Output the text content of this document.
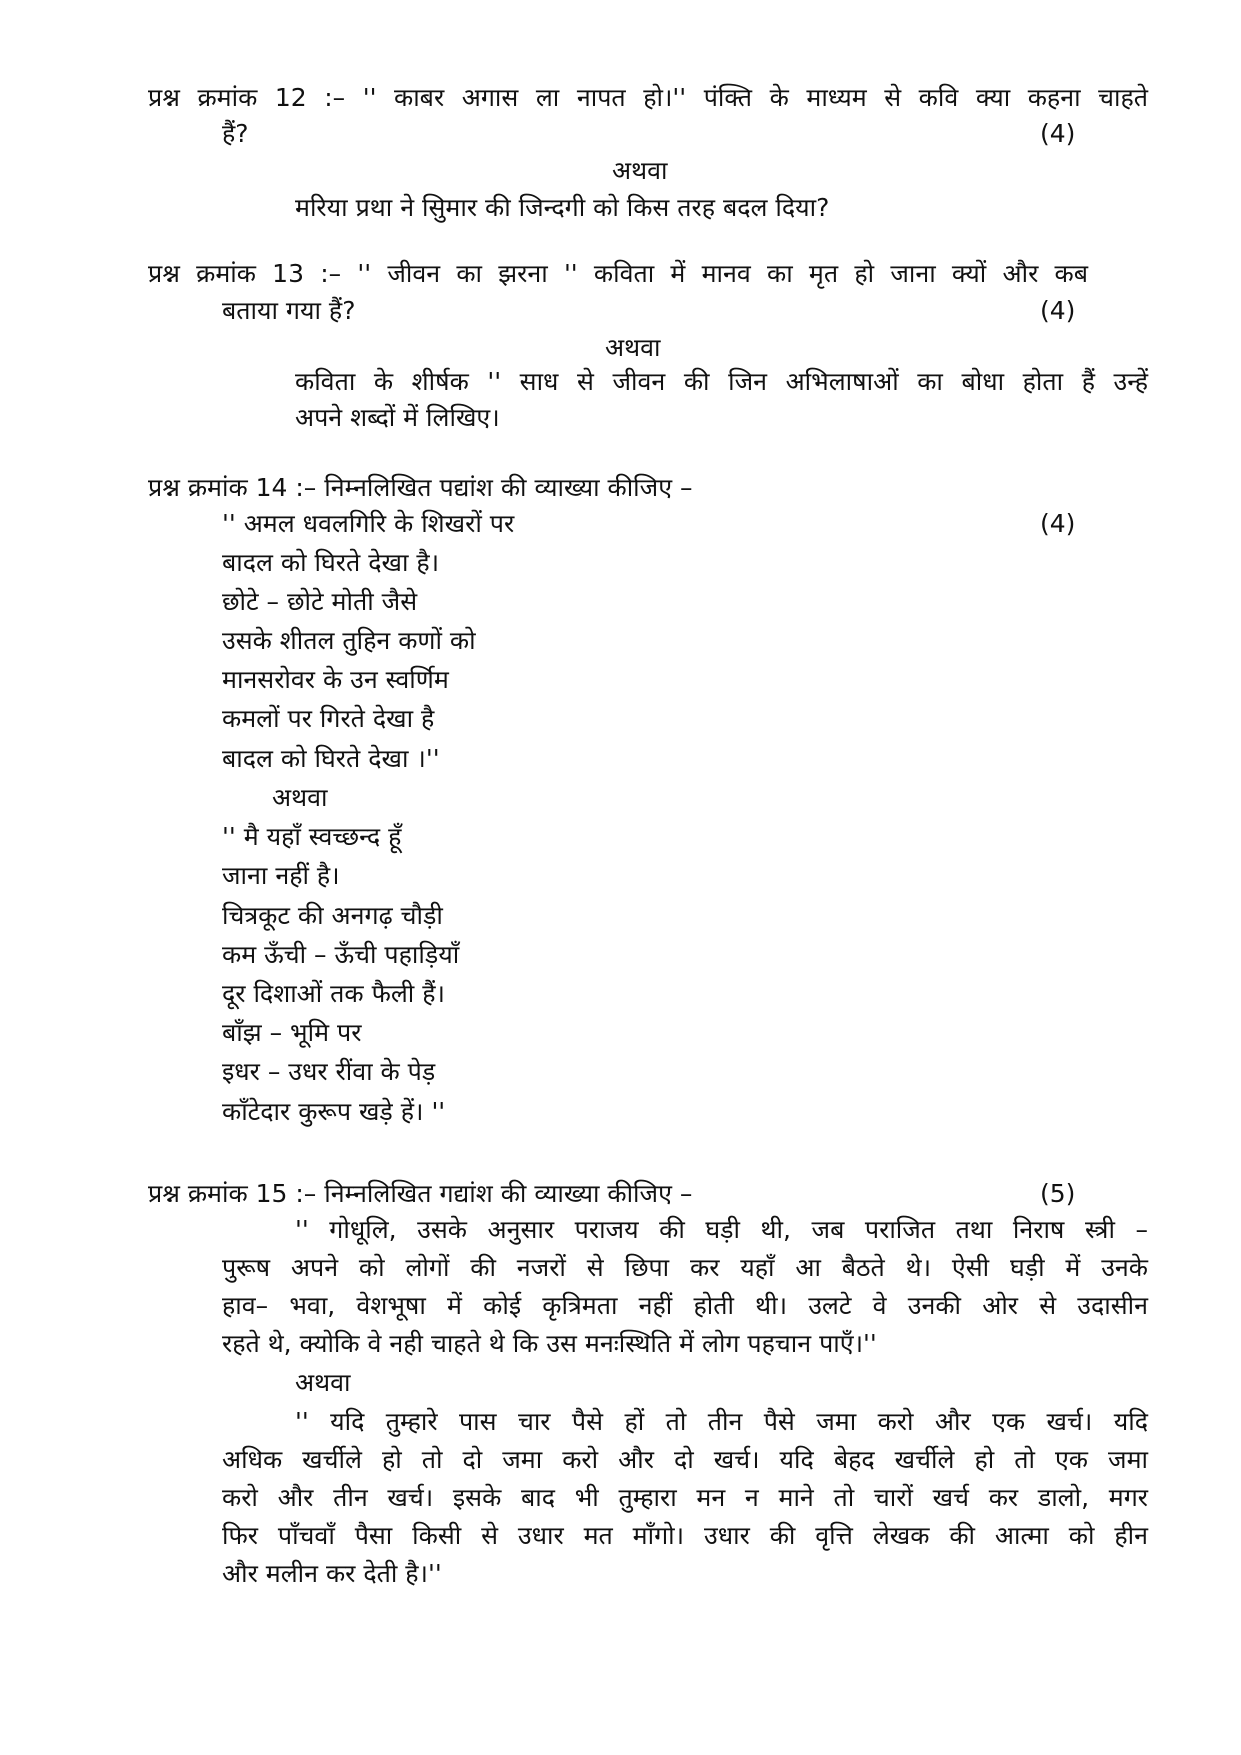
प्रश्न क्रमांक 12 :– '' काबर अगास ला नापत हो।'' पंक्ति के माध्यम से कवि क्या कहना चाहते
हैं?	(4)
अथवा
मरिया प्रथा ने सिुमार की जिन्दगी को किस तरह बदल दिया?
प्रश्न क्रमांक 13 :– '' जीवन का झरना '' कविता में मानव का मृत हो जाना क्यों और कब
बताया गया हैं?	(4)
अथवा
कविता के शीर्षक '' साध से जीवन की जिन अभिलाषाओं का बोधा होता हैं उन्हें
अपने शब्दों में लिखिए।
प्रश्न क्रमांक 14 :– निम्नलिखित पद्यांश की व्याख्या कीजिए –
(4)
'' अमल धवलगिरि के शिखरों पर
बादल को घिरते देखा है।
छोटे – छोटे मोती जैसे
उसके शीतल तुहिन कणों को
मानसरोवर के उन स्वर्णिम
कमलों पर गिरते देखा है
बादल को घिरते देखा ।''
अथवा
'' मै यहाँ स्वच्छन्द हूँ
जाना नहीं है।
चित्रकूट की अनगढ़ चौड़ी
कम ऊँची – ऊँची पहाड़ियाँ
दूर दिशाओं तक फैली हैं।
बाँझ – भूमि पर
इधर – उधर रींवा के पेड़
काँटेदार कुरूप खड़े हें। ''
प्रश्न क्रमांक 15 :– निम्नलिखित गद्यांश की व्याख्या कीजिए –	(5)
'' गोधूलि, उसके अनुसार पराजय की घड़ी थी, जब पराजित तथा निराष स्त्री –
पुरूष अपने को लोगों की नजरों से छिपा कर यहाँ आ बैठते थे। ऐसी घड़ी में उनके
हाव– भवा, वेशभूषा में कोई कृत्रिमता नहीं होती थी। उलटे वे उनकी ओर से उदासीन
रहते थे, क्योकि वे नही चाहते थे कि उस मनःस्थिति में लोग पहचान पाएँ।''
अथवा
'' यदि तुम्हारे पास चार पैसे हों तो तीन पैसे जमा करो और एक खर्च। यदि
अधिक खर्चीले हो तो दो जमा करो और दो खर्च। यदि बेहद खर्चीले हो तो एक जमा
करो और तीन खर्च। इसके बाद भी तुम्हारा मन न माने तो चारों खर्च कर डालो, मगर
फिर पाँचवाँ पैसा किसी से उधार मत माँगो। उधार की वृत्ति लेखक की आत्मा को हीन
और मलीन कर देती है।''
